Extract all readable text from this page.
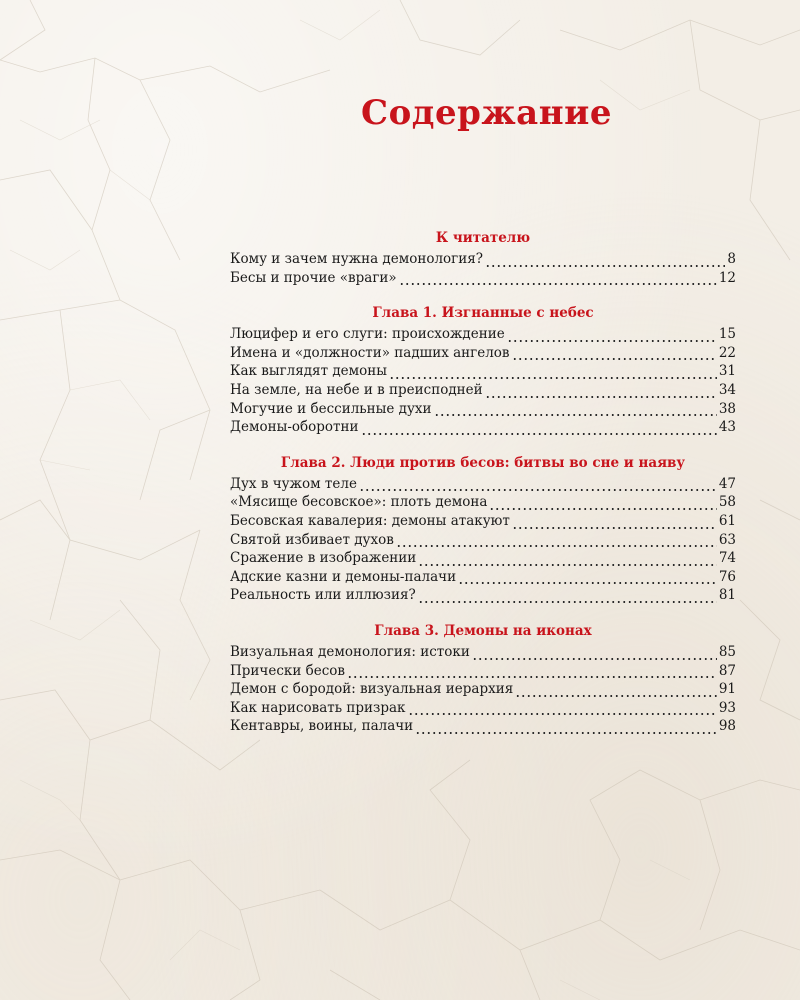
Содержание
К читателю
Кому и зачем нужна демонология?	8
Бесы и прочие «враги»	12
Глава 1. Изгнанные с небес
Люцифер и его слуги: происхождение	15
Имена и «должности» падших ангелов	22
Как выглядят демоны	31
На земле, на небе и в преисподней	34
Могучие и бессильные духи	38
Демоны-оборотни	43
Глава 2. Люди против бесов: битвы во сне и наяву
Дух в чужом теле	47
«Мясище бесовское»: плоть демона	58
Бесовская кавалерия: демоны атакуют	61
Святой избивает духов	63
Сражение в изображении	74
Адские казни и демоны-палачи	76
Реальность или иллюзия?	81
Глава 3. Демоны на иконах
Визуальная демонология: истоки	85
Прически бесов	87
Демон с бородой: визуальная иерархия	91
Как нарисовать призрак	93
Кентавры, воины, палачи	98
